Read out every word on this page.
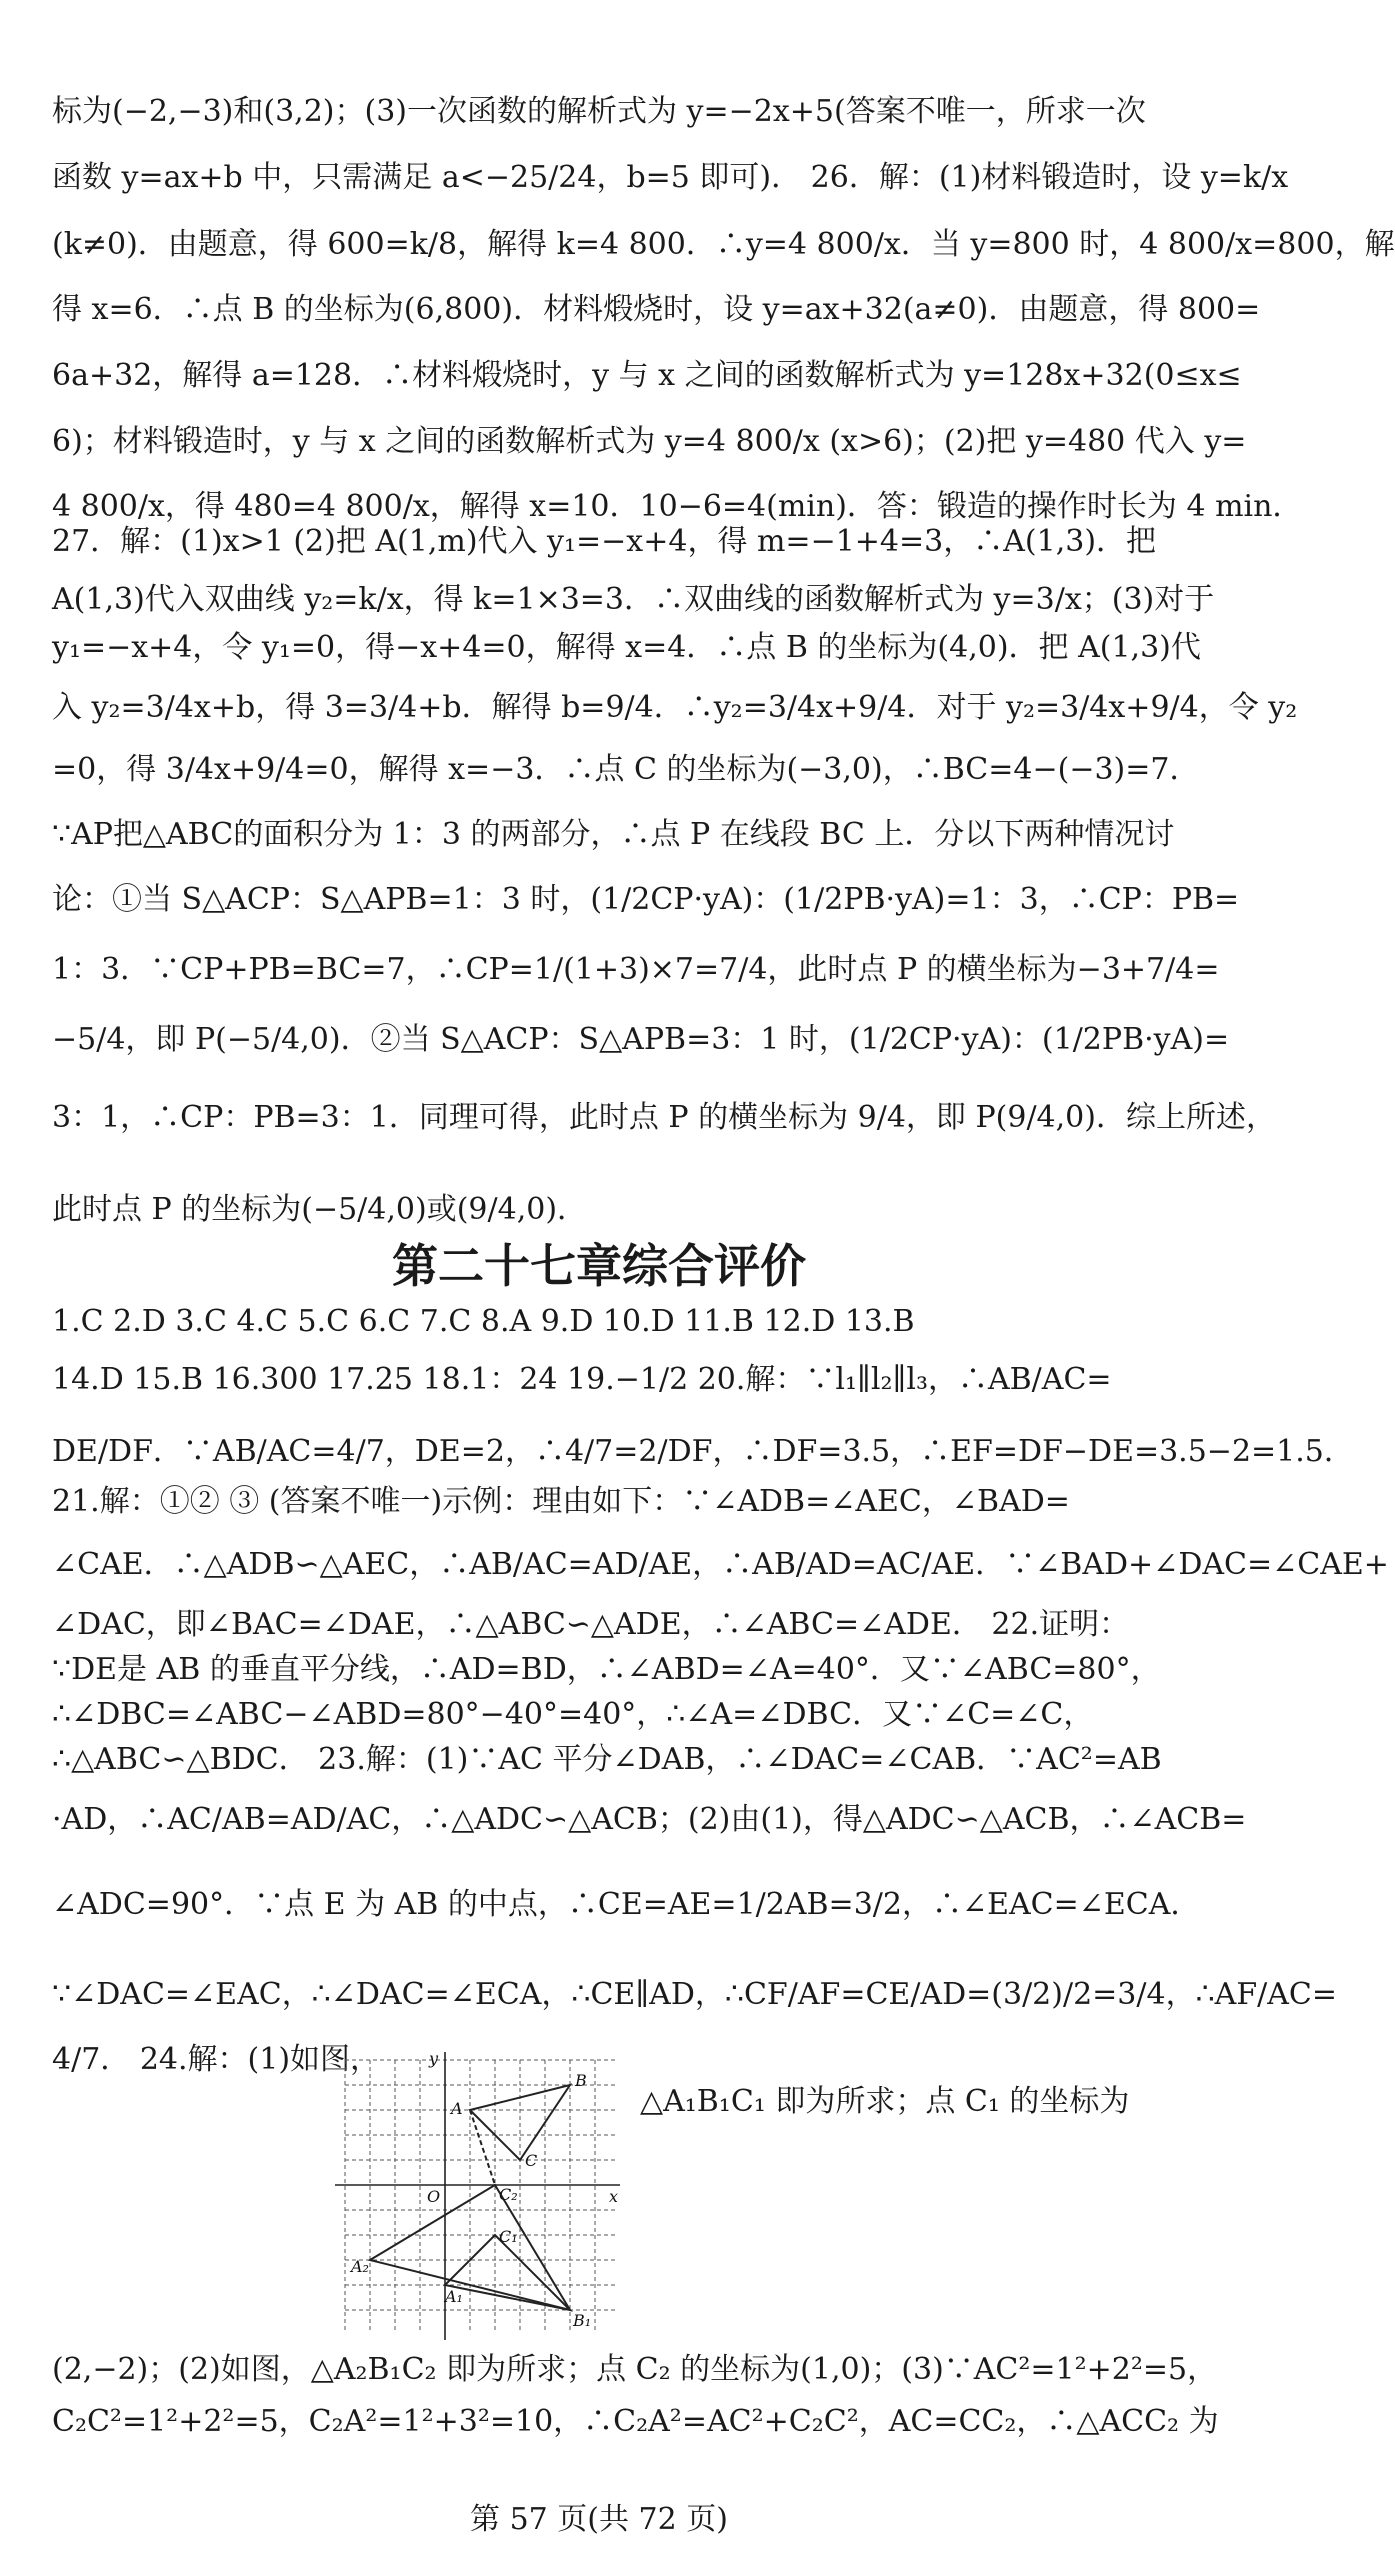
标为(−2,−3)和(3,2)；(3)一次函数的解析式为 y=−2x+5(答案不唯一，所求一次
函数 y=ax+b 中，只需满足 a<−25/24，b=5 即可)． 26．解：(1)材料锻造时，设 y=k/x
(k≠0)．由题意，得 600=k/8，解得 k=4 800．∴y=4 800/x．当 y=800 时，4 800/x=800，解
得 x=6．∴点 B 的坐标为(6,800)．材料煅烧时，设 y=ax+32(a≠0)．由题意，得 800=
6a+32，解得 a=128．∴材料煅烧时，y 与 x 之间的函数解析式为 y=128x+32(0≤x≤
6)；材料锻造时，y 与 x 之间的函数解析式为 y=4 800/x (x>6)；(2)把 y=480 代入 y=
4 800/x，得 480=4 800/x，解得 x=10．10−6=4(min)．答：锻造的操作时长为 4 min．
27．解：(1)x>1 (2)把 A(1,m)代入 y₁=−x+4，得 m=−1+4=3，∴A(1,3)．把
A(1,3)代入双曲线 y₂=k/x，得 k=1×3=3．∴双曲线的函数解析式为 y=3/x；(3)对于
y₁=−x+4，令 y₁=0，得−x+4=0，解得 x=4．∴点 B 的坐标为(4,0)．把 A(1,3)代
入 y₂=3/4x+b，得 3=3/4+b．解得 b=9/4．∴y₂=3/4x+9/4．对于 y₂=3/4x+9/4，令 y₂
=0，得 3/4x+9/4=0，解得 x=−3．∴点 C 的坐标为(−3,0)，∴BC=4−(−3)=7．
∵AP把△ABC的面积分为 1：3 的两部分，∴点 P 在线段 BC 上．分以下两种情况讨
论：①当 S△ACP：S△APB=1：3 时，(1/2CP·yA)：(1/2PB·yA)=1：3，∴CP：PB=
1：3．∵CP+PB=BC=7，∴CP=1/(1+3)×7=7/4，此时点 P 的横坐标为−3+7/4=
−5/4，即 P(−5/4,0)．②当 S△ACP：S△APB=3：1 时，(1/2CP·yA)：(1/2PB·yA)=
3：1，∴CP：PB=3：1．同理可得，此时点 P 的横坐标为 9/4，即 P(9/4,0)．综上所述，
此时点 P 的坐标为(−5/4,0)或(9/4,0)．
第二十七章综合评价
1.C 2.D 3.C 4.C 5.C 6.C 7.C 8.A 9.D 10.D 11.B 12.D 13.B
14.D 15.B 16.300 17.25 18.1：24 19.−1/2 20.解：∵l₁∥l₂∥l₃，∴AB/AC=
DE/DF．∵AB/AC=4/7，DE=2，∴4/7=2/DF，∴DF=3.5，∴EF=DF−DE=3.5−2=1.5．
21.解：①② ③ (答案不唯一)示例：理由如下：∵∠ADB=∠AEC，∠BAD=
∠CAE．∴△ADB∽△AEC，∴AB/AC=AD/AE，∴AB/AD=AC/AE．∵∠BAD+∠DAC=∠CAE+
∠DAC，即∠BAC=∠DAE，∴△ABC∽△ADE，∴∠ABC=∠ADE． 22.证明：
∵DE是 AB 的垂直平分线，∴AD=BD，∴∠ABD=∠A=40°．又∵∠ABC=80°，
∴∠DBC=∠ABC−∠ABD=80°−40°=40°，∴∠A=∠DBC．又∵∠C=∠C，
∴△ABC∽△BDC． 23.解：(1)∵AC 平分∠DAB，∴∠DAC=∠CAB．∵AC²=AB
·AD，∴AC/AB=AD/AC，∴△ADC∽△ACB；(2)由(1)，得△ADC∽△ACB，∴∠ACB=
∠ADC=90°．∵点 E 为 AB 的中点，∴CE=AE=1/2AB=3/2，∴∠EAC=∠ECA．
∵∠DAC=∠EAC，∴∠DAC=∠ECA，∴CE∥AD，∴CF/AF=CE/AD=(3/2)/2=3/4，∴AF/AC=
4/7． 24.解：(1)如图，
△A₁B₁C₁ 即为所求；点 C₁ 的坐标为
y
x
O
A
B
C
C₂
C₁
A₁
A₂
B₁
(2,−2)；(2)如图，△A₂B₁C₂ 即为所求；点 C₂ 的坐标为(1,0)；(3)∵AC²=1²+2²=5，
C₂C²=1²+2²=5，C₂A²=1²+3²=10，∴C₂A²=AC²+C₂C²，AC=CC₂，∴△ACC₂ 为
第 57 页(共 72 页)
